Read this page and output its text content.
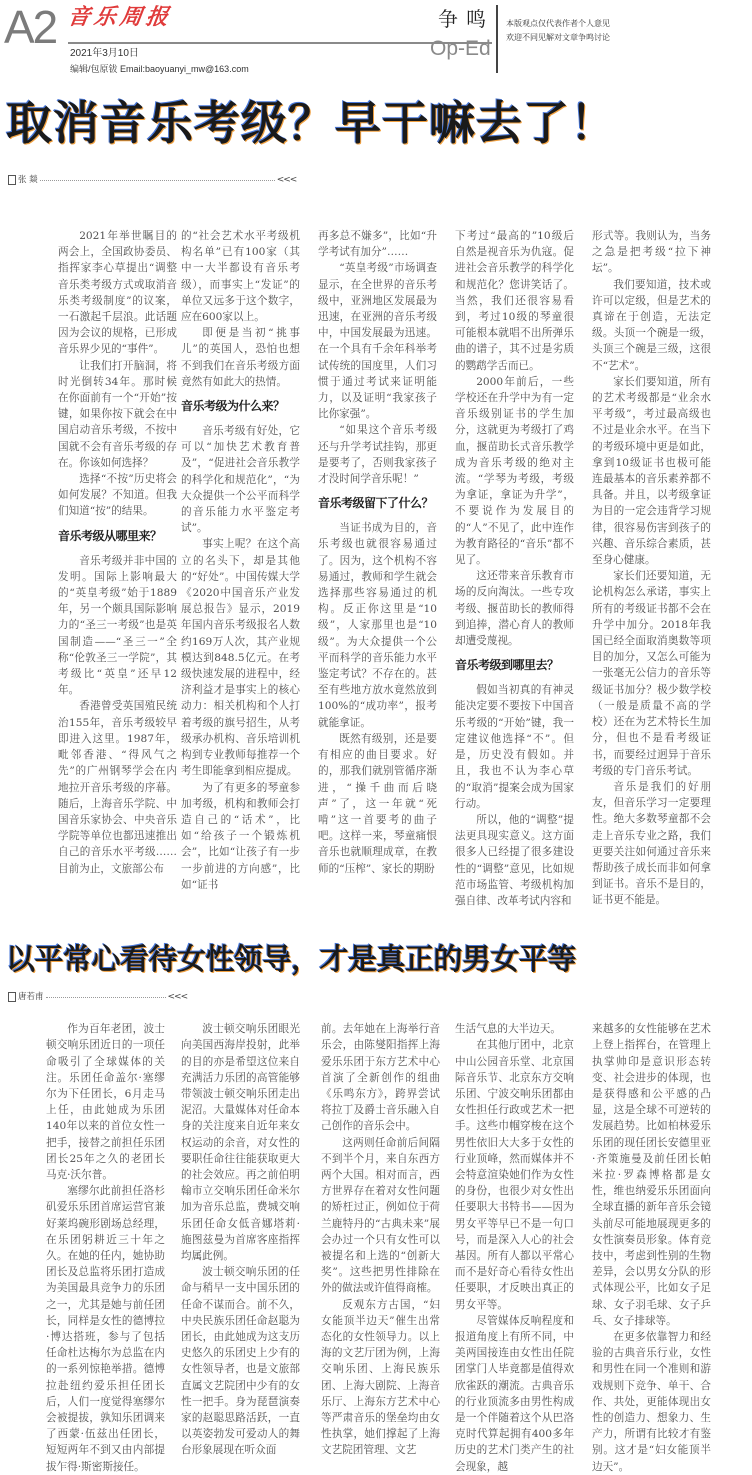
A2 音乐周报
2021年3月10日
编辑/包原钹 Email:baoyuanyi_mw@163.com
争鸣
Op-Ed
本版观点仅代表作者个人意见
欢迎不同见解对文章争鸣讨论
取消音乐考级？早干嘛去了！
张 燚	<<<

2021年举世瞩目的两会上，全国政协委员、指挥家李心草提出“调整音乐类考级方式或取消音乐类考级制度”的议案，一石激起千层浪。此话题因为会议的规格，已形成音乐界少见的“事件”。

让我们打开脑洞，将时光倒转34年。那时候在你面前有一个“开始”按键，如果你按下就会在中国启动音乐考级，不按中国就不会有音乐考级的存在。你该如何选择？

选择“不按”历史将会如何发展？不知道。但我们知道“按”的结果。

音乐考级从哪里来？

音乐考级并非中国的发明。国际上影响最大的“英皇考级”始于1889年，另一个颇具国际影响力的“圣三一考级”也是英国制造——“圣三一”全称“伦敦圣三一学院”，其考级比“英皇”还早12年。

香港曾受英国殖民统治155年，音乐考级较早即进入这里。1987年，毗邻香港、“得风气之先”的广州钢琴学会在内地拉开音乐考级的序幕。随后，上海音乐学院、中国音乐家协会、中央音乐学院等单位也都迅速推出自己的音乐水平考级……目前为止，文旅部公布

的“社会艺术水平考级机构名单”已有100家（其中一大半都设有音乐考级），而事实上“发证”的单位又远多于这个数字，应在600家以上。

即便是当初“挑事儿”的英国人，恐怕也想不到我们在音乐考级方面竟然有如此大的热情。

音乐考级为什么来？

音乐考级有好处，它可以“加快艺术教育普及”，“促进社会音乐教学的科学化和规范化”，“为大众提供一个公平而科学的音乐能力水平鉴定考试”。

事实上呢？在这个高立的名头下，却是其他的“好处”。中国传媒大学《2020中国音乐产业发展总报告》显示，2019年国内音乐考级报名人数约169万人次，其产业规模达到848.5亿元。在考级快速发展的进程中，经济利益才是事实上的核心动力：相关机构和个人打着考级的旗号招生，从考级承办机构、音乐培训机构到专业教师每推荐一个考生即能拿到相应提成。

为了有更多的琴童参加考级，机构和教师会打造自己的“话术”，比如“给孩子一个锻炼机会”，比如“让孩子有一步一步前进的方向感”，比如“证书

再多总不嫌多”，比如“升学考试有加分”……

“英皇考级”市场调查显示，在全世界的音乐考级中，亚洲地区发展最为迅速，在亚洲的音乐考级中，中国发展最为迅速。在一个具有千余年科举考试传统的国度里，人们习惯于通过考试来证明能力，以及证明“我家孩子比你家强”。

“如果这个音乐考级还与升学考试挂钩，那更是要考了，否则我家孩子才没时间学音乐呢！”

音乐考级留下了什么？

当证书成为目的，音乐考级也就很容易通过了。因为，这个机构不容易通过，教师和学生就会选择那些容易通过的机构。反正你这里是“10级”，人家那里也是“10级”。为大众提供一个公平而科学的音乐能力水平鉴定考试？不存在的。甚至有些地方放水竟然放到100%的“成功率”，报考就能拿证。

既然有级别，还是要有相应的曲目要求。好的，那我们就别管循序渐进，“操千曲而后晓声”了，这一年就“死啃”这一首要考的曲子吧。这样一来，琴童痛恨音乐也就顺理成章，在教师的“压榨”、家长的期盼

下考过“最高的”10级后自然是视音乐为仇寇。促进社会音乐教学的科学化和规范化？您讲笑话了。当然，我们还很容易看到，考过10级的琴童很可能根本就唱不出所弹乐曲的谱子，其不过是劣质的鹦鹉学舌而已。

2000年前后，一些学校还在升学中为有一定音乐级别证书的学生加分，这就更为考级打了鸡血，揠苗助长式音乐教学成为音乐考级的绝对主流。“学琴为考级，考级为拿证，拿证为升学”，不要说作为发展目的的“人”不见了，此中连作为教育路径的“音乐”都不见了。

这还带来音乐教育市场的反向淘汰。一些专攻考级、揠苗助长的教师得到追捧，潜心育人的教师却遭受蔑视。

音乐考级到哪里去？

假如当初真的有神灵能决定要不要按下中国音乐考级的“开始”键，我一定建议他选择“不”。但是，历史没有假如。并且，我也不认为李心草的“取消”提案会成为国家行动。

所以，他的“调整”提法更具现实意义。这方面很多人已经提了很多建设性的“调整”意见，比如规范市场监管、考级机构加强自律、改革考试内容和

形式等。我则认为，当务之急是把考级“拉下神坛”。

我们要知道，技术或许可以定级，但是艺术的真谛在于创造，无法定级。头顶一个碗是一级，头顶三个碗是三级，这很不“艺术”。

家长们要知道，所有的艺术考级都是“业余水平考级”，考过最高级也不过是业余水平。在当下的考级环境中更是如此，拿到10级证书也极可能连最基本的音乐素养都不具备。并且，以考级拿证为目的一定会违背学习规律，很容易伤害到孩子的兴趣、音乐综合素质，甚至身心健康。

家长们还要知道，无论机构怎么承诺，事实上所有的考级证书都不会在升学中加分。2018年我国已经全面取消奥数等项目的加分，又怎么可能为一张毫无公信力的音乐等级证书加分？极少数学校（一般是质量不高的学校）还在为艺术特长生加分，但也不是看考级证书，而要经过迥异于音乐考级的专门音乐考试。

音乐是我们的好朋友，但音乐学习一定要理性。绝大多数琴童都不会走上音乐专业之路，我们更要关注如何通过音乐来帮助孩子成长而非如何拿到证书。音乐不是目的，证书更不能是。

以平常心看待女性领导，才是真正的男女平等
唐若甫	<<<

作为百年老团，波士顿交响乐团近日的一项任命吸引了全球媒体的关注。乐团任命盖尔·塞缪尔为下任团长，6月走马上任，由此她成为乐团140年以来的首位女性一把手，接替之前担任乐团团长25年之久的老团长马克·沃尔普。

塞缪尔此前担任洛杉矶爱乐乐团首席运营官兼好莱坞碗形剧场总经理，在乐团躬耕近三十年之久。在她的任内，她协助团长及总监将乐团打造成为美国最具竞争力的乐团之一，尤其是她与前任团长，同样是女性的德博拉·博达搭班，参与了包括任命杜达梅尔为总监在内的一系列惊艳举措。德博拉赴纽约爱乐担任团长后，人们一度觉得塞缪尔会被提拔，孰知乐团调来了西蒙·伍兹出任团长，短短两年不到又由内部提拔乍得·斯密斯接任。

波士顿交响乐团眼光向美国西海岸投射，此举的目的亦是希望这位来自充满活力乐团的高管能够带领波士顿交响乐团走出泥沼。大量媒体对任命本身的关注度来自近年来女权运动的余音，对女性的要职任命往往能获取更大的社会效应。再之前伯明翰市立交响乐团任命米尔加为音乐总监，费城交响乐团任命女低音娜塔莉·施图兹曼为首席客座指挥均属此例。

波士顿交响乐团的任命与稍早一支中国乐团的任命不谋而合。前不久，中央民族乐团任命赵聪为团长，由此她成为这支历史悠久的乐团史上少有的女性领导者，也是文旅部直属文艺院团中少有的女性一把手。身为琵琶演奏家的赵聪思路活跃，一直以英姿勃发可爱动人的舞台形象展现在听众面

前。去年她在上海举行音乐会，由陈燮阳指挥上海爱乐乐团于东方艺术中心首演了全新创作的组曲《乐鸣东方》，跨界尝试将拉丁及爵士音乐融入自己创作的音乐会中。

这两则任命前后间隔不到半个月，来自东西方两个大国。相对而言，西方世界存在着对女性问题的矫枉过正，例如位于荷兰鹿特丹的“古典未来”展会办过一个只有女性可以被提名和上选的“创新大奖”。这些把男性排除在外的做法或许值得商榷。

反观东方古国，“妇女能顶半边天”催生出常态化的女性领导力。以上海的文艺厅团为例，上海交响乐团、上海民族乐团、上海大剧院、上海音乐厅、上海东方艺术中心等严肃音乐的堡垒均由女性执掌，她们撑起了上海文艺院团管理、文艺

生活气息的大半边天。

在其他厅团中，北京中山公园音乐堂、北京国际音乐节、北京东方交响乐团、宁波交响乐团都由女性担任行政或艺术一把手。这些巾帼穿梭在这个男性依旧大大多于女性的行业顶峰，然而媒体并不会特意渲染她们作为女性的身份，也很少对女性出任要职大书特书——因为男女平等早已不是一句口号，而是深入人心的社会基因。所有人都以平常心而不是好奇心看待女性出任要职，才反映出真正的男女平等。

尽管媒体反响程度和报道角度上有所不同，中美两国接连由女性出任院团掌门人毕竟都是值得欢欣雀跃的潮流。古典音乐的行业顶流多由男性构成是一个伴随着这个从巴洛克时代算起拥有400多年历史的艺术门类产生的社会现象，越

来越多的女性能够在艺术上登上指挥台，在管理上执掌帅印是意识形态转变、社会进步的体现，也是获得感和公平感的凸显，这是全球不可逆转的发展趋势。比如柏林爱乐乐团的现任团长安德里亚·齐策施曼及前任团长帕米拉·罗森博格都是女性，维也纳爱乐乐团面向全球直播的新年音乐会镜头前尽可能地展现更多的女性演奏员形象。体育竞技中，考虑到性别的生物差异，会以男女分队的形式体现公平，比如女子足球、女子羽毛球、女子乒乓、女子排球等。

在更多依靠智力和经验的古典音乐行业，女性和男性在同一个准则和游戏规则下竞争、单干、合作、共处，更能体现出女性的创造力、想象力、生产力，所谓有比较才有鉴别。这才是“妇女能顶半边天”。
